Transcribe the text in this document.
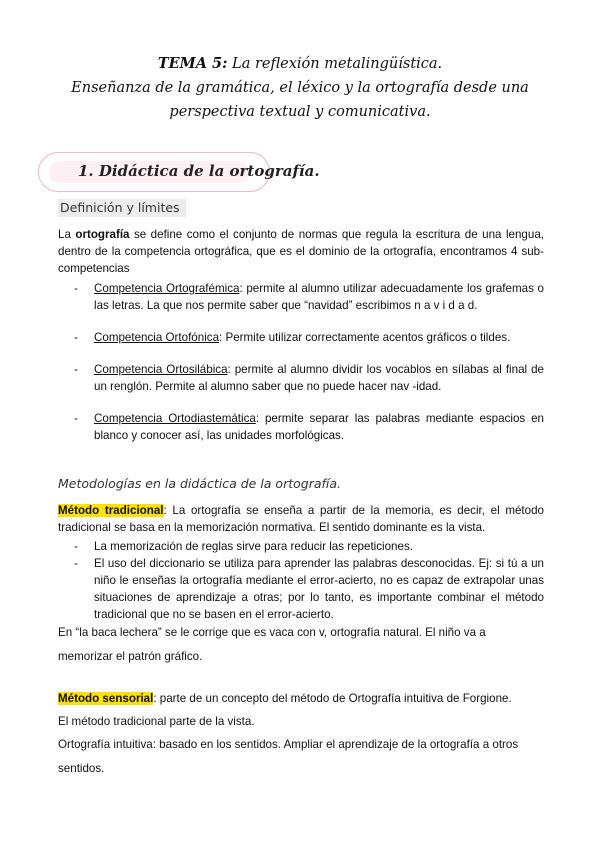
TEMA 5: La reflexión metalingüística.
Enseñanza de la gramática, el léxico y la ortografía desde una
perspectiva textual y comunicativa.
1. Didáctica de la ortografía.
Definición y límites
La ortografía se define como el conjunto de normas que regula la escritura de una lengua, dentro de la competencia ortográfica, que es el dominio de la ortografía, encontramos 4 sub-competencias
- Competencia Ortografémica: permite al alumno utilizar adecuadamente los grafemas o las letras. La que nos permite saber que “navidad” escribimos n a v i d a d.
- Competencia Ortofónica: Permite utilizar correctamente acentos gráficos o tildes.
- Competencia Ortosilábica: permite al alumno dividir los vocablos en sílabas al final de un renglón. Permite al alumno saber que no puede hacer nav -idad.
- Competencia Ortodiastemática: permite separar las palabras mediante espacios en blanco y conocer así, las unidades morfológicas.
Metodologías en la didáctica de la ortografía.
Método tradicional: La ortografía se enseña a partir de la memoria, es decir, el método tradicional se basa en la memorización normativa. El sentido dominante es la vista.
- La memorización de reglas sirve para reducir las repeticiones.
- El uso del diccionario se utiliza para aprender las palabras desconocidas. Ej: si tú a un niño le enseñas la ortografía mediante el error-acierto, no es capaz de extrapolar unas situaciones de aprendizaje a otras; por lo tanto, es importante combinar el método tradicional que no se basen en el error-acierto.
En “la baca lechera” se le corrige que es vaca con v, ortografía natural. El niño va a
memorizar el patrón gráfico.
Método sensorial: parte de un concepto del método de Ortografía intuitiva de Forgione.
El método tradicional parte de la vista.
Ortografía intuitiva: basado en los sentidos. Ampliar el aprendizaje de la ortografía a otros
sentidos.
